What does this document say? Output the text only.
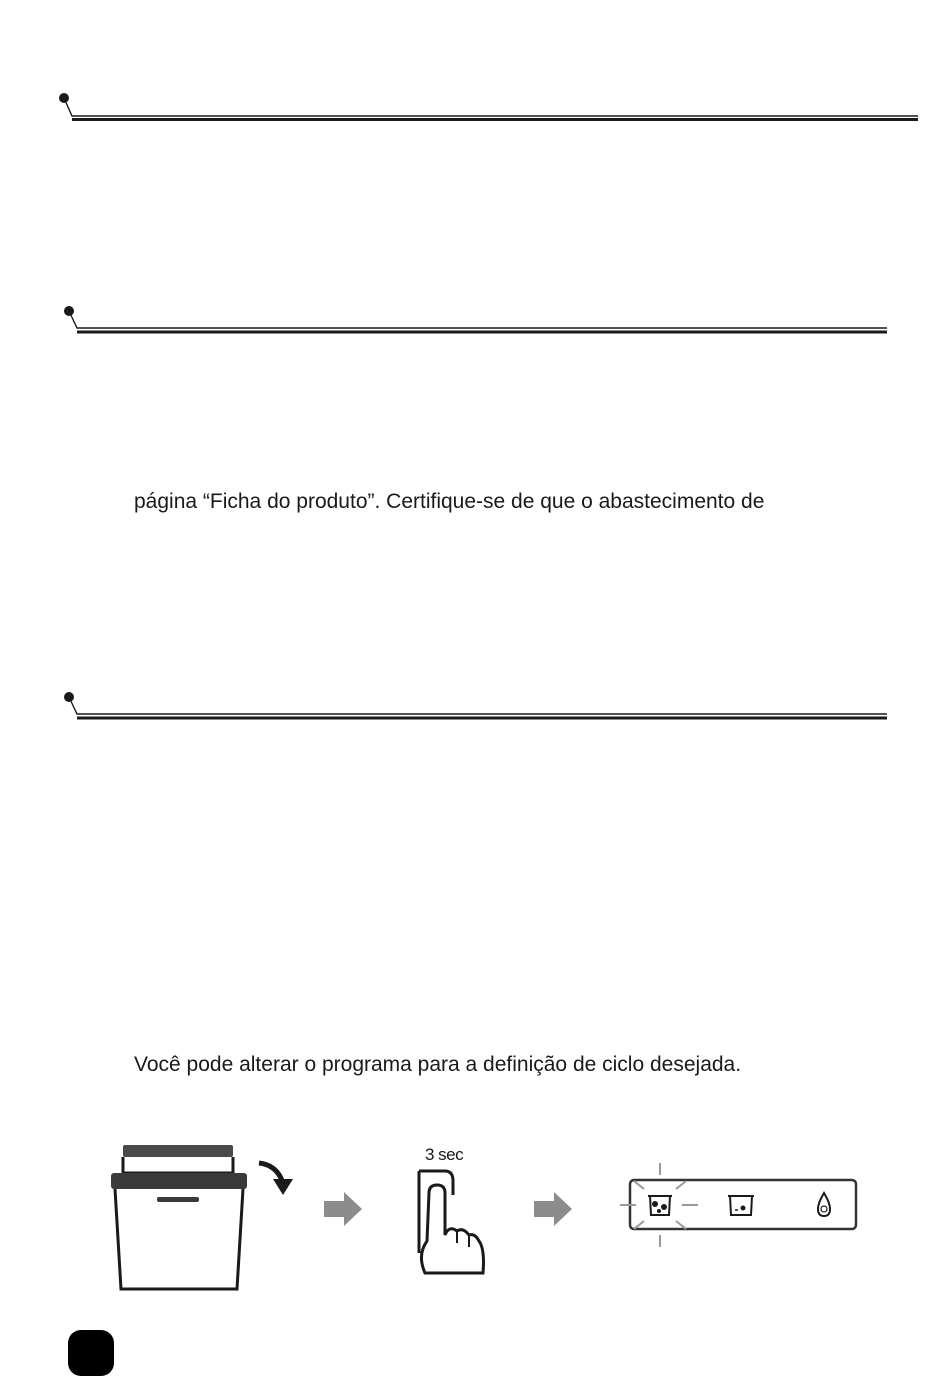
página “Ficha do produto”. Certifique-se de que o abastecimento de

Você pode alterar o programa para a definição de ciclo desejada.

3 sec
